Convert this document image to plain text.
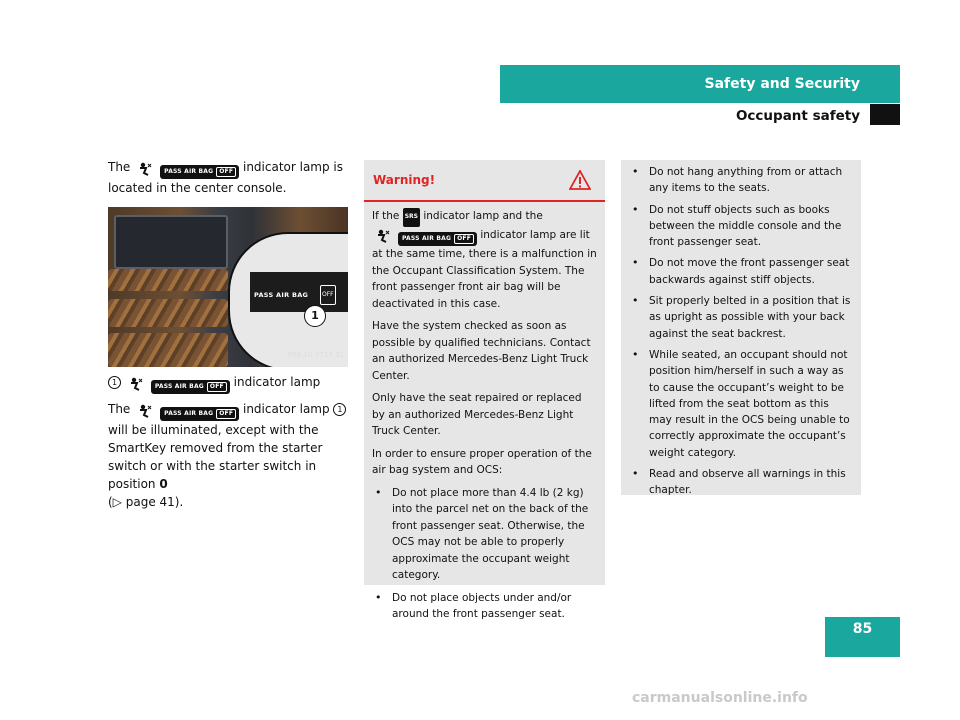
Safety and Security
Occupant safety

The	PASS AIR BAG OFF indicator lamp is located in the center console.

PASS AIR BAG	OFF
1
P68.10-3737-31

1	PASS AIR BAG OFF indicator lamp

The	PASS AIR BAG OFF indicator lamp 1 will be illuminated, except with the SmartKey removed from the starter switch or with the starter switch in position 0
(▷ page 41).

Warning!

If the SRS indicator lamp and the
PASS AIR BAG OFF indicator lamp are lit at the same time, there is a malfunction in the Occupant Classification System. The front passenger front air bag will be deactivated in this case.

Have the system checked as soon as possible by qualified technicians. Contact an authorized Mercedes-Benz Light Truck Center.

Only have the seat repaired or replaced by an authorized Mercedes-Benz Light Truck Center.

In order to ensure proper operation of the air bag system and OCS:

• Do not place more than 4.4 lb (2 kg) into the parcel net on the back of the front passenger seat. Otherwise, the OCS may not be able to properly approximate the occupant weight category.
• Do not place objects under and/or around the front passenger seat.
• Do not hang anything from or attach any items to the seats.
• Do not stuff objects such as books between the middle console and the front passenger seat.
• Do not move the front passenger seat backwards against stiff objects.
• Sit properly belted in a position that is as upright as possible with your back against the seat backrest.
• While seated, an occupant should not position him/herself in such a way as to cause the occupant’s weight to be lifted from the seat bottom as this may result in the OCS being unable to correctly approximate the occupant’s weight category.
• Read and observe all warnings in this chapter.
85
carmanualsonline.info
